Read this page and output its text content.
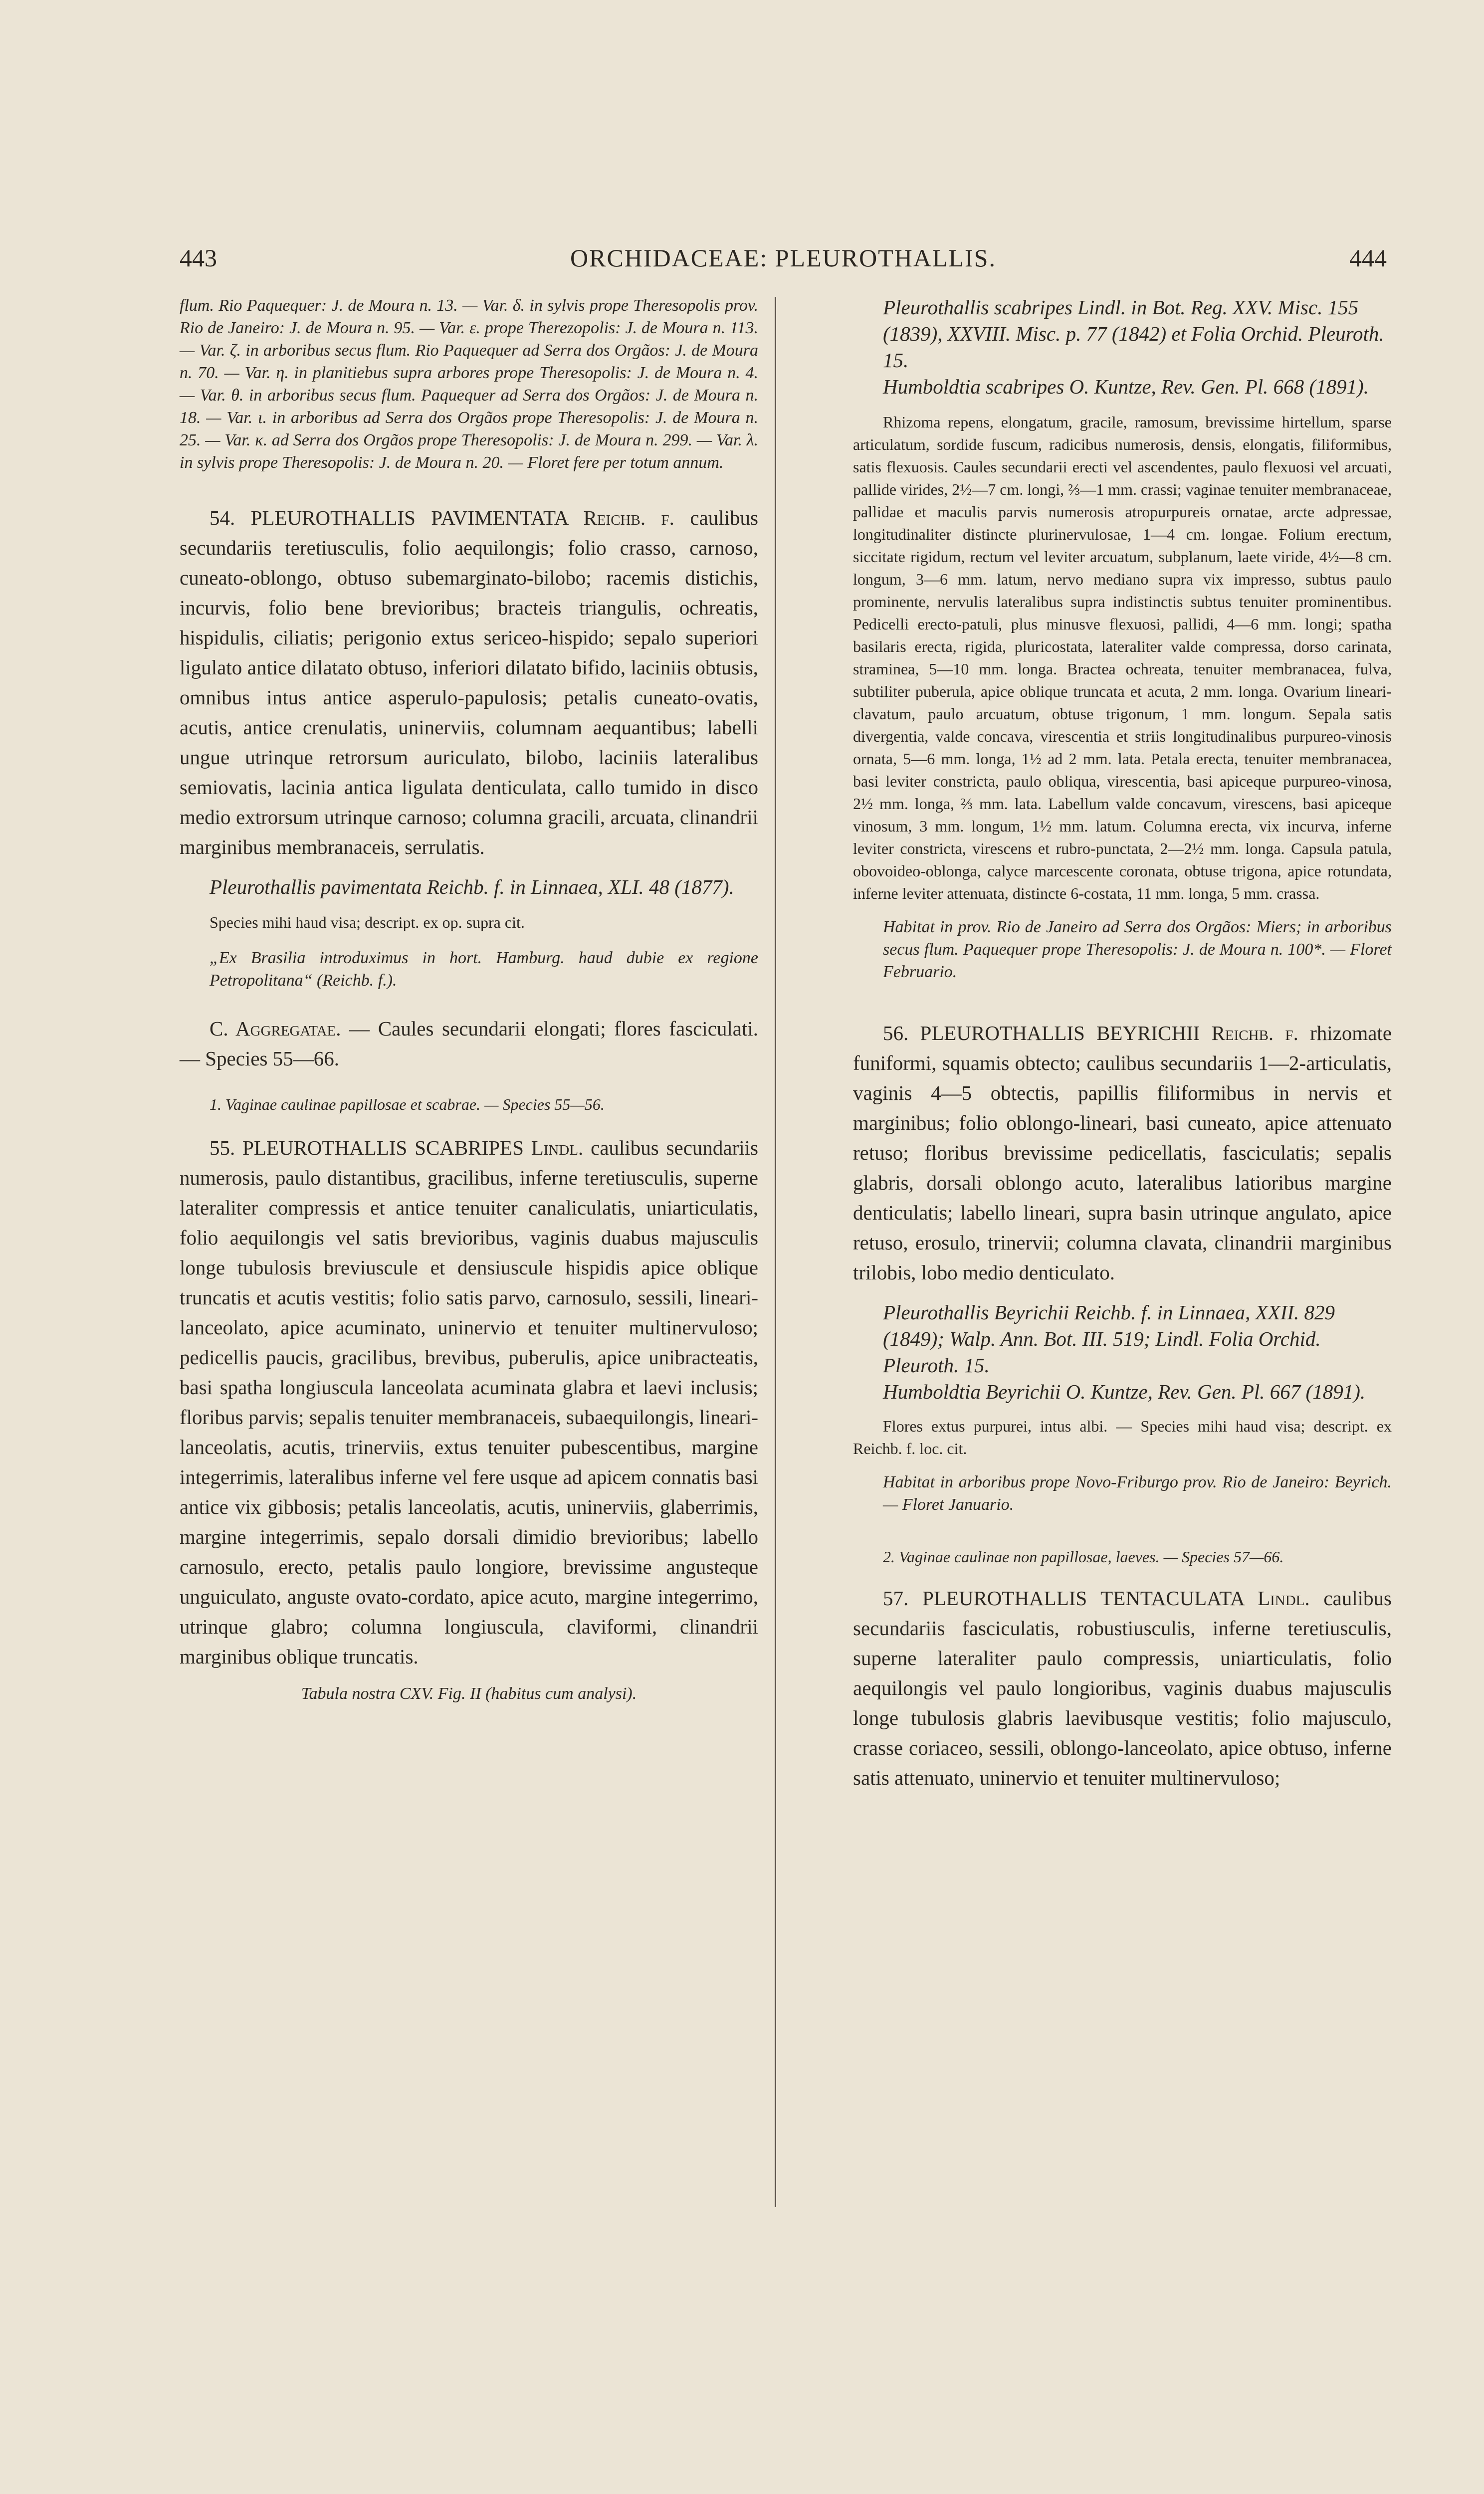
443	ORCHIDACEAE: PLEUROTHALLIS.	444

flum. Rio Paquequer: J. de Moura n. 13. — Var. δ. in sylvis prope Theresopolis prov. Rio de Janeiro: J. de Moura n. 95. — Var. ε. prope Therezopolis: J. de Moura n. 113. — Var. ζ. in arboribus secus flum. Rio Paquequer ad Serra dos Orgãos: J. de Moura n. 70. — Var. η. in planitiebus supra arbores prope Theresopolis: J. de Moura n. 4. — Var. θ. in arboribus secus flum. Paquequer ad Serra dos Orgãos: J. de Moura n. 18. — Var. ι. in arboribus ad Serra dos Orgãos prope Theresopolis: J. de Moura n. 25. — Var. κ. ad Serra dos Orgãos prope Theresopolis: J. de Moura n. 299. — Var. λ. in sylvis prope Theresopolis: J. de Moura n. 20. — Floret fere per totum annum.

54. PLEUROTHALLIS PAVIMENTATA Reichb. f. caulibus secundariis teretiusculis, folio aequilongis; folio crasso, carnoso, cuneato-oblongo, obtuso subemarginato-bilobo; racemis distichis, incurvis, folio bene brevioribus; bracteis triangulis, ochreatis, hispidulis, ciliatis; perigonio extus sericeo-hispido; sepalo superiori ligulato antice dilatato obtuso, inferiori dilatato bifido, laciniis obtusis, omnibus intus antice asperulo-papulosis; petalis cuneato-ovatis, acutis, antice crenulatis, uninerviis, columnam aequantibus; labelli ungue utrinque retrorsum auriculato, bilobo, laciniis lateralibus semiovatis, lacinia antica ligulata denticulata, callo tumido in disco medio extrorsum utrinque carnoso; columna gracili, arcuata, clinandrii marginibus membranaceis, serrulatis.

Pleurothallis pavimentata Reichb. f. in Linnaea, XLI. 48 (1877).

Species mihi haud visa; descript. ex op. supra cit.

„Ex Brasilia introduximus in hort. Hamburg. haud dubie ex regione Petropolitana“ (Reichb. f.).

C. Aggregatae. — Caules secundarii elongati; flores fasciculati. — Species 55—66.

1. Vaginae caulinae papillosae et scabrae. — Species 55—56.

55. PLEUROTHALLIS SCABRIPES Lindl. caulibus secundariis numerosis, paulo distantibus, gracilibus, inferne teretiusculis, superne lateraliter compressis et antice tenuiter canaliculatis, uniarticulatis, folio aequilongis vel satis brevioribus, vaginis duabus majusculis longe tubulosis breviuscule et densiuscule hispidis apice oblique truncatis et acutis vestitis; folio satis parvo, carnosulo, sessili, lineari-lanceolato, apice acuminato, uninervio et tenuiter multinervuloso; pedicellis paucis, gracilibus, brevibus, puberulis, apice unibracteatis, basi spatha longiuscula lanceolata acuminata glabra et laevi inclusis; floribus parvis; sepalis tenuiter membranaceis, subaequilongis, lineari-lanceolatis, acutis, trinerviis, extus tenuiter pubescentibus, margine integerrimis, lateralibus inferne vel fere usque ad apicem connatis basi antice vix gibbosis; petalis lanceolatis, acutis, uninerviis, glaberrimis, margine integerrimis, sepalo dorsali dimidio brevioribus; labello carnosulo, erecto, petalis paulo longiore, brevissime angusteque unguiculato, anguste ovato-cordato, apice acuto, margine integerrimo, utrinque glabro; columna longiuscula, claviformi, clinandrii marginibus oblique truncatis.

Tabula nostra CXV. Fig. II (habitus cum analysi).

Pleurothallis scabripes Lindl. in Bot. Reg. XXV. Misc. 155 (1839), XXVIII. Misc. p. 77 (1842) et Folia Orchid. Pleuroth. 15.

Humboldtia scabripes O. Kuntze, Rev. Gen. Pl. 668 (1891).

Rhizoma repens, elongatum, gracile, ramosum, brevissime hirtellum, sparse articulatum, sordide fuscum, radicibus numerosis, densis, elongatis, filiformibus, satis flexuosis. Caules secundarii erecti vel ascendentes, paulo flexuosi vel arcuati, pallide virides, 2½—7 cm. longi, ⅔—1 mm. crassi; vaginae tenuiter membranaceae, pallidae et maculis parvis numerosis atropurpureis ornatae, arcte adpressae, longitudinaliter distincte plurinervulosae, 1—4 cm. longae. Folium erectum, siccitate rigidum, rectum vel leviter arcuatum, subplanum, laete viride, 4½—8 cm. longum, 3—6 mm. latum, nervo mediano supra vix impresso, subtus paulo prominente, nervulis lateralibus supra indistinctis subtus tenuiter prominentibus. Pedicelli erecto-patuli, plus minusve flexuosi, pallidi, 4—6 mm. longi; spatha basilaris erecta, rigida, pluricostata, lateraliter valde compressa, dorso carinata, straminea, 5—10 mm. longa. Bractea ochreata, tenuiter membranacea, fulva, subtiliter puberula, apice oblique truncata et acuta, 2 mm. longa. Ovarium lineari-clavatum, paulo arcuatum, obtuse trigonum, 1 mm. longum. Sepala satis divergentia, valde concava, virescentia et striis longitudinalibus purpureo-vinosis ornata, 5—6 mm. longa, 1½ ad 2 mm. lata. Petala erecta, tenuiter membranacea, basi leviter constricta, paulo obliqua, virescentia, basi apiceque purpureo-vinosa, 2½ mm. longa, ⅔ mm. lata. Labellum valde concavum, virescens, basi apiceque vinosum, 3 mm. longum, 1½ mm. latum. Columna erecta, vix incurva, inferne leviter constricta, virescens et rubro-punctata, 2—2½ mm. longa. Capsula patula, obovoideo-oblonga, calyce marcescente coronata, obtuse trigona, apice rotundata, inferne leviter attenuata, distincte 6-costata, 11 mm. longa, 5 mm. crassa.

Habitat in prov. Rio de Janeiro ad Serra dos Orgãos: Miers; in arboribus secus flum. Paquequer prope Theresopolis: J. de Moura n. 100*. — Floret Februario.

56. PLEUROTHALLIS BEYRICHII Reichb. f. rhizomate funiformi, squamis obtecto; caulibus secundariis 1—2-articulatis, vaginis 4—5 obtectis, papillis filiformibus in nervis et marginibus; folio oblongo-lineari, basi cuneato, apice attenuato retuso; floribus brevissime pedicellatis, fasciculatis; sepalis glabris, dorsali oblongo acuto, lateralibus latioribus margine denticulatis; labello lineari, supra basin utrinque angulato, apice retuso, erosulo, trinervii; columna clavata, clinandrii marginibus trilobis, lobo medio denticulato.

Pleurothallis Beyrichii Reichb. f. in Linnaea, XXII. 829 (1849); Walp. Ann. Bot. III. 519; Lindl. Folia Orchid. Pleuroth. 15.

Humboldtia Beyrichii O. Kuntze, Rev. Gen. Pl. 667 (1891).

Flores extus purpurei, intus albi. — Species mihi haud visa; descript. ex Reichb. f. loc. cit.

Habitat in arboribus prope Novo-Friburgo prov. Rio de Janeiro: Beyrich. — Floret Januario.

2. Vaginae caulinae non papillosae, laeves. — Species 57—66.

57. PLEUROTHALLIS TENTACULATA Lindl. caulibus secundariis fasciculatis, robustiusculis, inferne teretiusculis, superne lateraliter paulo compressis, uniarticulatis, folio aequilongis vel paulo longioribus, vaginis duabus majusculis longe tubulosis glabris laevibusque vestitis; folio majusculo, crasse coriaceo, sessili, oblongo-lanceolato, apice obtuso, inferne satis attenuato, uninervio et tenuiter multinervuloso;
